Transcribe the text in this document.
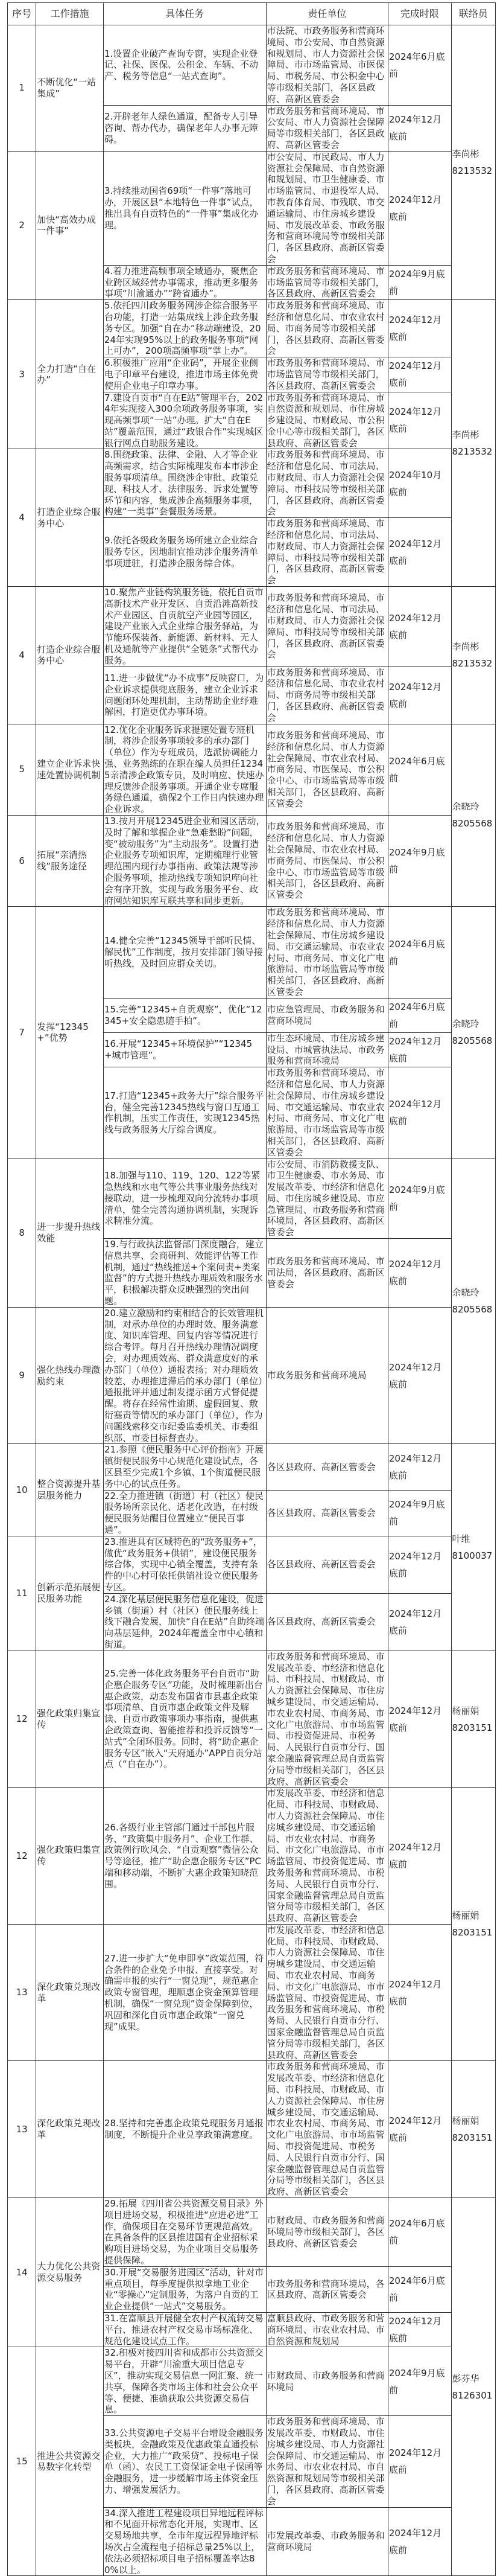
序号	工作措施	具体任务	责任单位	完成时限	联络员
1	不断优化“一站集成”	1.设置企业破产查询专窗，实现企业登记、社保、医保、公积金、车辆、不动产、税务等信息“一站式查询”。	市法院、市政务服务和营商环境局、市公安局、市自然资源和规划局、市人力资源社会保障局、市市场监管局、市医保局、市税务局、市公积金中心等市级相关部门，各区县政府、高新区管委会	2024年6月底前	李尚彬
8213532

		2.开辟老年人绿色通道，配备专人引导咨询、帮办代办，确保老年人办事无障碍。	市政务服务和营商环境局、市公安局、市人力资源社会保障局等市级相关部门，各区县政府、高新区管委会	2024年12月底前	
2	加快“高效办成一件事”	3.持续推动国省69项“一件事”落地可办，开展区县“本地特色一件事”试点，推出具有自贡特色的“一件事”集成化办理。	市公安局、市民政局、市人力资源社会保障局、市自然资源和规划局、市卫生健康委、市市场监管局、市退役军人局、市教育体育局、市残联、市交通运输局、市住房城乡建设局、市发展改革委、市政务服务和营商环境局等市级相关部门，各区县政府、高新区管委会	2024年12月底前	
		4.着力推进高频事项全域通办，聚焦企业跨区域经营办事需求，推动更多服务事项“川渝通办”“跨省通办”。	市政务服务和营商环境局、市市场监管局等市级相关部门，各区县政府、高新区管委会	2024年9月底前	
3	全力打造“自在办”	5.依托四川政务服务网涉企综合服务平台功能，打造一站集成线上涉企政务服务专区。加强“自在办”移动端建设，2024年实现95%以上的政务服务事项“网上可办”，200项高频事项“掌上办”。	市政务服务和营商环境局、市经济和信息化局、市农业农村局、市商务局等市级相关部门，各区县政府、高新区管委会	2024年12月底前	李尚彬
8213532

		6.积极推广应用“企业码”，开展企业侧电子印章平台建设，推进市场主体免费使用企业电子印章办事。	市政务服务和营商环境局、市市场监管局等市级相关部门，各区县政府、高新区管委会	2024年12月底前	
		7.建设自贡市“自在E站”管理平台，2024年实现接入300余项政务服务事项，实现高频事项“一站”办理。扩大“自在E站”覆盖范围，通过“政银合作”实现城区银行网点自助服务建设。	市政务服务和营商环境局、市自然资源和规划局、市住房城乡建设局、市财政局、市公积金中心等市级相关部门，各区县政府、高新区管委会	2024年12月底前	
4	打造企业综合服务中心	8.围绕政策、法律、金融、人才等企业高频需求，结合实际梳理发布本市涉企服务事项清单。围绕涉企审批、政策兑现、科技人才、法律服务、诉求处置等环节和内容，集成涉企高频服务事项，构建“一类事”套餐服务场景。	市政务服务和营商环境局、市经济和信息化局、市司法局、市财政局、市人力资源社会保障局、市科技局等市级相关部门，各区县政府、高新区管委会	2024年10月底前	
		9.依托各级政务服务场所建立企业综合服务专区，因地制宜推动涉企服务清单事项进驻，打造涉企服务综合体。	市政务服务和营商环境局、市经济和信息化局、市司法局、市财政局、市人力资源社会保障局、市科技局等市级相关部门，各区县政府、高新区管委会	2024年12月底前	
4	打造企业综合服务中心	10.聚焦产业链构筑服务链，依托自贡市高新技术产业开发区、自贡沿滩高新技术产业园区、自贡航空产业园等园区，建设产业嵌入式企业综合服务驿站，为节能环保装备、新能源、新材料、无人机及通航等产业提供“全链条”式帮代办服务。	市政务服务和营商环境局、市经济和信息化局、市司法局、市财政局、市人力资源社会保障局、市科技局等市级相关部门，各区县政府、高新区管委会	2024年12月底前	李尚彬
8213532

		11.进一步做优“办不成事”反映窗口，为企业诉求提供兜底服务，建立企业诉求问题闭环处理机制，主动帮助企业纾难解困，打造更优办事环境。	市政务服务和营商环境局、市经济和信息化局、市农业农村局、市商务局等市级相关部门，各区县政府、高新区管委会	2024年12月底前	
5	建立企业诉求快速处置协调机制	12.优化企业服务诉求提速处置专班机制，将涉企服务事项较多的承办部门（单位）作为专班成员，选派协调能力强、业务熟练的在职在编人员担任12345亲清涉企政策专员，及时响应、快速办理反馈涉企服务事项。开通企业专席服务绿色通道，确保2个工作日内快速办理企业诉求。	市政务服务和营商环境局、市经济和信息化局、市人力资源社会保障局、市农业农村局、市商务局、市医保局、市公积金中心、市市场监管局等市级相关部门，各区县政府、高新区管委会	2024年6月底前	余晓玲
8205568

6	拓展“亲清热线”服务途径	13.按月开展12345进企业和园区活动，及时了解和掌握企业“急难愁盼”问题，变“被动服务”为“主动服务”。设置打造企业服务专项知识库，定期梳理行业管理范围内现行办事指南、政策法规等涉企服务事项，推动热线专项知识库向社会有序开放，实现与政务服务平台、政府网站知识库互联共享和同步更新。	市政务服务和营商环境局、市经济和信息化局、市人力资源社会保障局、市农业农村局、市商务局、市医保局、市公积金中心、市市场监管局等市级相关部门，各区县政府、高新区管委会	2024年9月底前	
7	发挥“12345+”优势	14.健全完善“12345领导干部听民情、解民忧”工作制度，按月安排部门领导接听热线，及时回应群众关切。	市政务服务和营商环境局、市经济和信息化局、市人力资源社会保障局、市住房城乡建设局、市交通运输局、市农业农村局、市商务局、市文化广电旅游局、市市场监管局等市级相关部门，各区县政府、高新区管委会	2024年6月底前	余晓玲
8205568

		15.完善“12345+自贡观察”，优化“12345+安全隐患随手拍”。	市应急管理局、市政务服务和营商环境局	2024年6月底前	
		16.开展“12345+环境保护”“12345+城市管理”。	市生态环境局、市住房城乡建设局、市城管执法局、市政务服务和营商环境局	2024年12月底前	
		17.打造“12345+政务大厅”综合服务平台，健全完善12345热线与窗口互通工作机制，压实工作责任，实现12345热线与政务服务大厅综合调度。	市政务服务和营商环境局、市经济和信息化局、市人力资源社会保障局、市住房城乡建设局、市交通运输局、市农业农村局、市商务局、市文化广电旅游局、市市场监管局等市级相关部门，各区县政府、高新区管委会	2024年12月底前	
8	进一步提升热线效能	18.加强与110、119、120、122等紧急热线和水电气等公共事业服务热线对接联动，进一步梳理双向分流转办事项清单，健全完善沟通协调机制，实现诉求精准分流。	市公安局、市消防救援支队、市卫生健康委、市水务局、市发展改革委、市经济和信息化局、市住房城乡建设局、市应急管理局、市政务服务和营商环境局，各区县政府、高新区管委会	2024年9月底前	余晓玲
8205568

		19.与行政执法监督部门深度融合，建立信息共享、会商研判、效能评估等工作机制，通过“热线推送+个案问责+类案监督”的方式提升热线办理质效和服务水平，积极解决群众反映强烈的突出问题。	市政务服务和营商环境局、市司法局，各区县政府、高新区管委会	2024年12月底前	
9	强化热线办理激励约束	20.建立激励和约束相结合的长效管理机制，对承办单位的办理时效、服务满意度、知识库管理、回复内容等情况进行综合考评。每月召开热线办理情况调度会，对办理质效高、群众满意度好的承办部门（单位）通报表扬；对办理质效较差、办理推进滞后的承办部门（单位）通报批评并通过制发提示函方式督促提醒。将存在经常性逾期、虚假回复、敷衍塞责等情况的承办部门（单位），作为问题线索移交市纪委监委机关、市委组织部、市委目标督查办。	市政务服务和营商环境局	2024年12月底前	
10	整合资源提升基层服务能力	21.参照《便民服务中心评价指南》开展镇街便民服务中心规范化建设试点，各区县至少完成1个乡镇、1个街道便民服务中心的试点任务。	各区县政府、高新区管委会	2024年12月底前	叶维
8100037

		22.全力推进镇（街道）村（社区）便民服务场所亲民化、适老化改造，在村级便民服务站醒目位置建立“便民百事通”。	各区县政府、高新区管委会	2024年9月底前	
11	创新示范拓展便民服务功能	23.推进具有区域特色的“政务服务+”，做优“政务服务+供销”，建设便民服务综合体，实现中心镇全覆盖，支持有条件的中心村可依托供销社设立便民服务专区。	各区县政府、高新区管委会	2024年12月底前	
		24.深化基层便民服务信息化建设，促进乡镇（街道）村（社区）便民服务线上线下融合发展，加快“自在E站”自助终端向基层延伸，2024年覆盖全市中心镇和街道。	各区县政府、高新区管委会	2024年12月底前	
12	强化政策归集宣传	25.完善一体化政务服务平台自贡市“助企惠企服务专区”功能，及时梳理新出台惠企政策，动态发布国省市县惠企政策事项清单、自贡市惠企政策文件及解读、自贡市政策事项办事指南，提供惠企政策查询、智能推荐和投诉反馈等“一站式”全闭环服务。同时，将“助企惠企服务专区”嵌入“天府通办”APP自贡分站点（“自在办”）。	市政务服务和营商环境局、市发展改革委、市经济和信息化局、市科技局、市财政局、市人力资源社会保障局、市住房城乡建设局、市交通运输局、市农业农村局、市商务局、市文化广电旅游局、市市场监管局、市投资促进局、市税务局、人民银行自贡市分行、国家金融监督管理总局自贡监管分局等市级相关部门，各区县政府、高新区管委会	2024年12月底前	杨丽娟
8203151

12	强化政策归集宣传	26.各级行业主管部门通过干部包片服务、“政策集中服务月”、企业工作群、政策例行吹风会、“自贡观察”微信公众号等途径，推广“助企惠企服务专区”PC端和移动端，不断扩大惠企政策知晓范围。	市发展改革委、市经济和信息化局、市科技局、市财政局、市人力资源社会保障局、市住房城乡建设局、市交通运输局、市农业农村局、市商务局、市文化广电旅游局、市市场监管局、市投资促进局、市政务服务和营商环境局、市税务局、人民银行自贡市分行、国家金融监督管理总局自贡监管分局等市级相关部门，各区县政府、高新区管委会	2024年12月底前	杨丽娟
8203151

13	深化政策兑现改革	27.进一步扩大“免申即享”政策范围，符合条件的企业免予申报、直接享受。对确需申报的实行“一窗兑现”，规范惠企政策专窗管理，理顺惠企资金预算管理机制，确保“一窗兑现”资金保障到位，巩固和深化自贡市惠企政策“一窗兑现”成果。	市发展改革委、市经济和信息化局、市科技局、市财政局、市人力资源社会保障局、市住房城乡建设局、市交通运输局、市农业农村局、市商务局、市文化广电旅游局、市市场监管局、市投资促进局、市政务服务和营商环境局、市税务局、人民银行自贡市分行、国家金融监督管理总局自贡监管分局等市级相关部门，各区县政府、高新区管委会	2024年12月底前	
13	深化政策兑现改革	28.坚持和完善惠企政策兑现服务月通报制度，不断提升企业兑享政策满意度。	市政务服务和营商环境局、市发展改革委、市经济和信息化局、市科技局、市财政局、市人力资源社会保障局、市住房城乡建设局、市交通运输局、市农业农村局、市商务局、市文化广电旅游局、市市场监管局、市投资促进局、市税务局、人民银行自贡市分行、国家金融监督管理总局自贡监管分局等市级相关部门，各区县政府、高新区管委会	2024年12月底前	杨丽娟
8203151

14	大力优化公共资源交易服务	29.拓展《四川省公共资源交易目录》外项目进场交易，积极推进“应进必进”工作，确保项目在交易环节更规范高效。在具备条件的区县推进国有企业招标采购项目进场交易，为企业项目交易服务提供保障。	市财政局、市政务服务和营商环境局等市级相关部门，各区县政府、高新区管委会	2024年6月底前	彭芬华
8126301

		30.开展“交易服务进园区”活动，针对市重点项目，每季度提供拟拿地工业企业“零操心”定制服务，为落户自贡的工业企业提供“一站式”交易服务。	市政务服务和营商环境局，各区县政府、高新区管委会	2024年6月底前	
		31.在富顺县开展健全农村产权流转交易平台、推进农村产权交易市场标准化、规范化建设试点工作。	富顺县政府、市政务服务和营商环境局、市农业农村局、市自然资源和规划局	2024年12月底前	
15	推进公共资源交易数字化转型	32.积极对接四川省和成都市公共资源交易平台，开辟“川渝重大项目信息专区”，推动实现交易信息一网汇聚、统一共享，保障各类市场主体和社会公众平等、便捷、准确获取公共资源交易信息。	市财政局、市政务服务和营商环境局	2024年9月底前	
		33.公共资源电子交易平台增设金融服务类板块，金融政策及优惠政策直通投标企业，大力推广“政采贷”、投标电子保单（函）、农民工工资保证金电子保函等金融服务，进一步缓解市场主体资金压力、增强发展活力。	市政务服务和营商环境局、市发展改革委、市财政局、市住房城乡建设局、市人力资源社会保障局、市交通运输局、市水务局、市农业农村局、市自然资源和规划局等市级相关部门，各区县政府、高新区管委会	2024年12月底前	
		34.深入推进工程建设项目异地远程评标和不见面开标常态化开展，实现市、区交易场地共享，全市年度远程异地评标场次占全流程电子招标总量25%以上，依法必须招标项目电子招标覆盖率达80%以上。	市发展改革委、市政务服务和营商环境局	2024年12月底前	
